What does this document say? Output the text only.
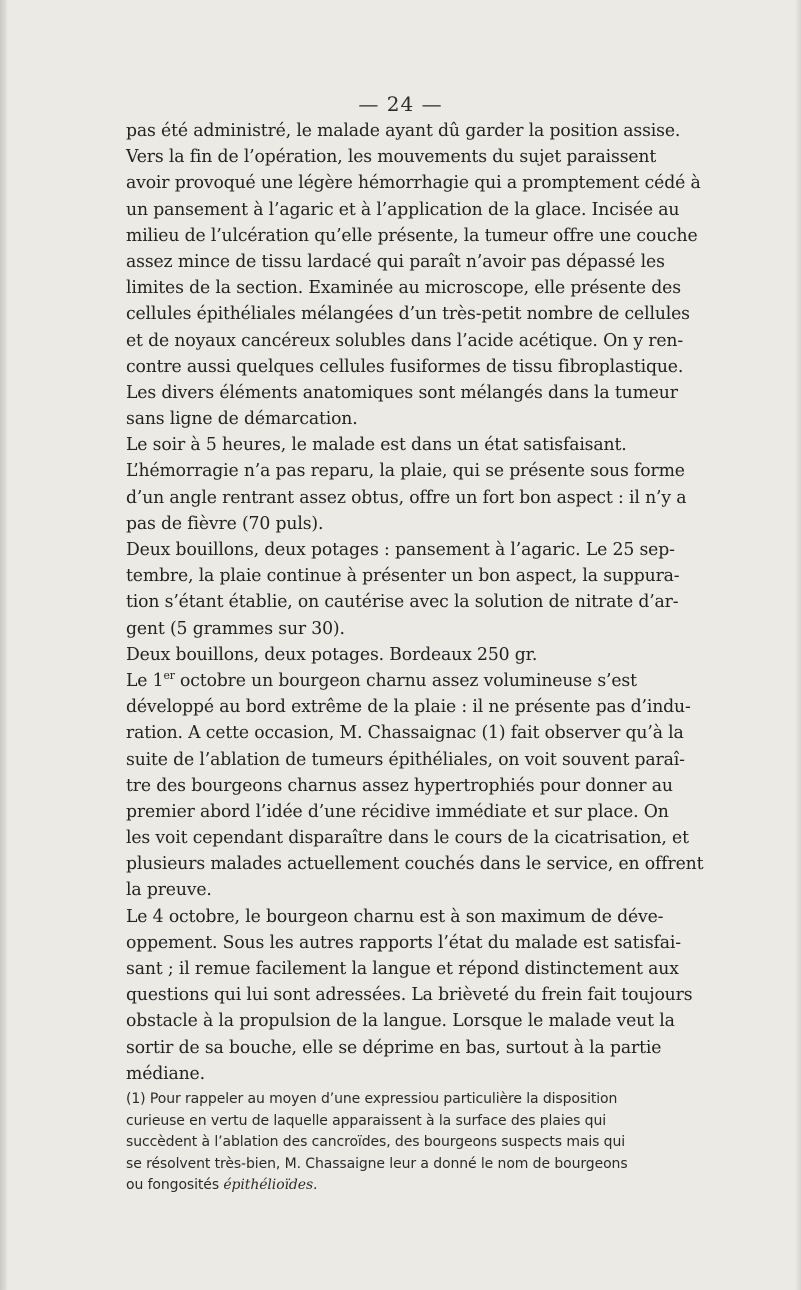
— 24 —
pas été administré, le malade ayant dû garder la position assise.
Vers la fin de l’opération, les mouvements du sujet paraissent
avoir provoqué une légère hémorrhagie qui a promptement cédé à
un pansement à l’agaric et à l’application de la glace. Incisée au
milieu de l’ulcération qu’elle présente, la tumeur offre une couche
assez mince de tissu lardacé qui paraît n’avoir pas dépassé les
limites de la section. Examinée au microscope, elle présente des
cellules épithéliales mélangées d’un très-petit nombre de cellules
et de noyaux cancéreux solubles dans l’acide acétique. On y ren-
contre aussi quelques cellules fusiformes de tissu fibroplastique.
Les divers éléments anatomiques sont mélangés dans la tumeur
sans ligne de démarcation.
Le soir à 5 heures, le malade est dans un état satisfaisant.
L’hémorragie n’a pas reparu, la plaie, qui se présente sous forme
d’un angle rentrant assez obtus, offre un fort bon aspect : il n’y a
pas de fièvre (70 puls).
Deux bouillons, deux potages : pansement à l’agaric. Le 25 sep-
tembre, la plaie continue à présenter un bon aspect, la suppura-
tion s’étant établie, on cautérise avec la solution de nitrate d’ar-
gent (5 grammes sur 30).
Deux bouillons, deux potages. Bordeaux 250 gr.
Le 1er octobre un bourgeon charnu assez volumineuse s’est
développé au bord extrême de la plaie : il ne présente pas d’indu-
ration. A cette occasion, M. Chassaignac (1) fait observer qu’à la
suite de l’ablation de tumeurs épithéliales, on voit souvent paraî-
tre des bourgeons charnus assez hypertrophiés pour donner au
premier abord l’idée d’une récidive immédiate et sur place. On
les voit cependant disparaître dans le cours de la cicatrisation, et
plusieurs malades actuellement couchés dans le service, en offrent
la preuve.
Le 4 octobre, le bourgeon charnu est à son maximum de déve-
oppement. Sous les autres rapports l’état du malade est satisfai-
sant ; il remue facilement la langue et répond distinctement aux
questions qui lui sont adressées. La brièveté du frein fait toujours
obstacle à la propulsion de la langue. Lorsque le malade veut la
sortir de sa bouche, elle se déprime en bas, surtout à la partie
médiane.
(1) Pour rappeler au moyen d’une expressiou particulière la disposition
curieuse en vertu de laquelle apparaissent à la surface des plaies qui
succèdent à l’ablation des cancroïdes, des bourgeons suspects mais qui
se résolvent très-bien, M. Chassaigne leur a donné le nom de bourgeons
ou fongosités épithélioïdes.
